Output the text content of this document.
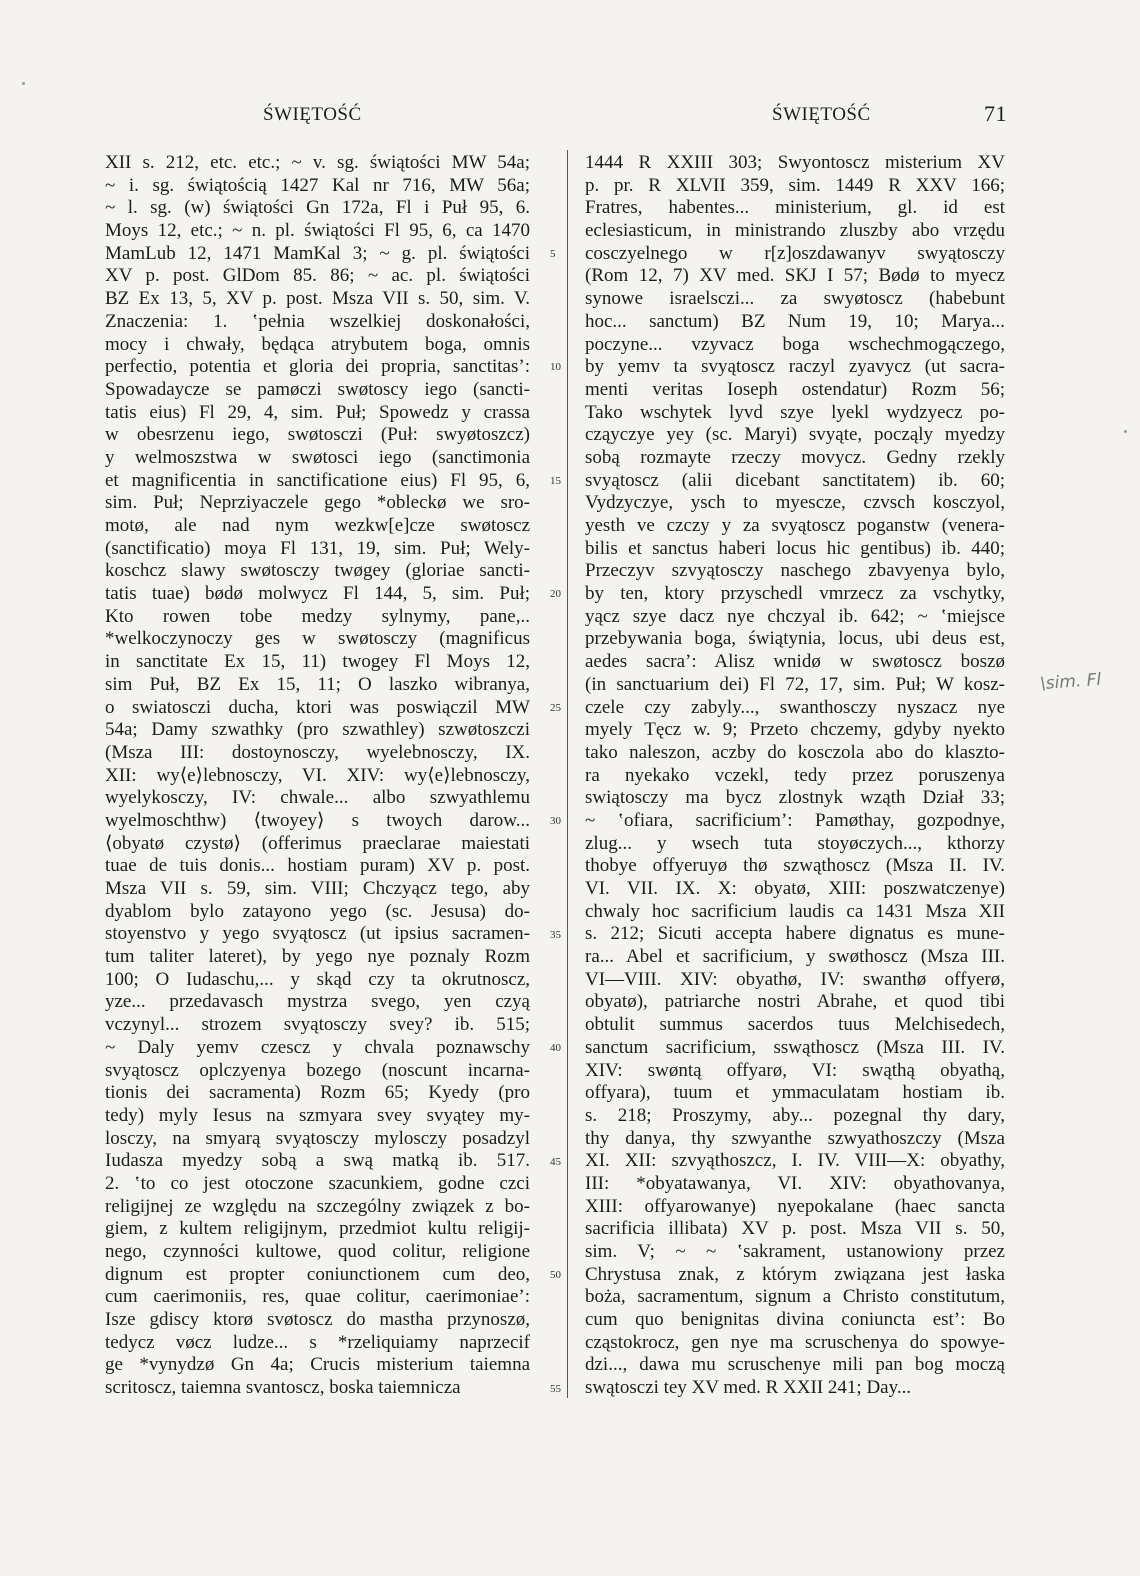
ŚWIĘTOŚĆ	ŚWIĘTOŚĆ	71
XII s. 212, etc. etc.; ~ v. sg. świątości MW 54a;
~ i. sg. świątością 1427 Kal nr 716, MW 56a;
~ l. sg. (w) świątości Gn 172a, Fl i Puł 95, 6.
Moys 12, etc.; ~ n. pl. świątości Fl 95, 6, ca 1470
MamLub 12, 1471 MamKal 3; ~ g. pl. świątości
XV p. post. GlDom 85. 86; ~ ac. pl. świątości
BZ Ex 13, 5, XV p. post. Msza VII s. 50, sim. V.
Znaczenia: 1. ʽpełnia wszelkiej doskonałości,
mocy i chwały, będąca atrybutem boga, omnis
perfectio, potentia et gloria dei propria, sanctitas’:
Spowadaycze se pamøczi swøtoscy iego (sancti-
tatis eius) Fl 29, 4, sim. Puł; Spowedz y crassa
w obesrzenu iego, swøtosczi (Puł: swyøtoszcz)
y welmoszstwa w swøtosci iego (sanctimonia
et magnificentia in sanctificatione eius) Fl 95, 6,
sim. Puł; Neprziyaczele gego *obleckø we sro-
motø, ale nad nym wezkw[e]cze swøtoscz
(sanctificatio) moya Fl 131, 19, sim. Puł; Wely-
koschcz slawy swøtosczy twøgey (gloriae sancti-
tatis tuae) bødø molwycz Fl 144, 5, sim. Puł;
Kto rowen tobe medzy sylnymy, pane,..
*welkoczynoczy ges w swøtosczy (magnificus
in sanctitate Ex 15, 11) twogey Fl Moys 12,
sim Puł, BZ Ex 15, 11; O laszko wibranya,
o swiatosczi ducha, ktori was poswiączil MW
54a; Damy szwathky (pro szwathley) szwøtoszczi
(Msza III: dostoynosczy, wyelebnosczy, IX.
XII: wy⟨e⟩lebnosczy, VI. XIV: wy⟨e⟩lebnosczy,
wyelykosczy, IV: chwale... albo szwyathlemu
wyelmoschthw) ⟨twoyey⟩ s twoych darow...
⟨obyatø czystø⟩ (offerimus praeclarae maiestati
tuae de tuis donis... hostiam puram) XV p. post.
Msza VII s. 59, sim. VIII; Chczyącz tego, aby
dyablom bylo zatayono yego (sc. Jesusa) do-
stoyenstvo y yego svyątoscz (ut ipsius sacramen-
tum taliter lateret), by yego nye poznaly Rozm
100; O Iudaschu,... y skąd czy ta okrutnoscz,
yze... przedavasch mystrza svego, yen czyą
vczynyl... strozem svyątosczy svey? ib. 515;
~ Daly yemv czescz y chvala poznawschy
svyątoscz oplczyenya bozego (noscunt incarna-
tionis dei sacramenta) Rozm 65; Kyedy (pro
tedy) myly Iesus na szmyara svey svyątey my-
losczy, na smyarą svyątosczy mylosczy posadzyl
Iudasza myedzy sobą a swą matką ib. 517.
2. ʽto co jest otoczone szacunkiem, godne czci
religijnej ze względu na szczególny związek z bo-
giem, z kultem religijnym, przedmiot kultu religij-
nego, czynności kultowe, quod colitur, religione
dignum est propter coniunctionem cum deo,
cum caerimoniis, res, quae colitur, caerimoniae’:
Isze gdiscy ktorø svøtoscz do mastha przynoszø,
tedycz vøcz ludze... s *rzeliquiamy naprzecif
ge *vynydzø Gn 4a; Crucis misterium taiemna
scritoscz, taiemna svantoscz, boska taiemnicza
5
10
15
20
25
30
35
40
45
50
55
1444 R XXIII 303; Swyontoscz misterium XV
p. pr. R XLVII 359, sim. 1449 R XXV 166;
Fratres, habentes... ministerium, gl. id est
eclesiasticum, in ministrando zluszby abo vrzędu
cosczyelnego w r[z]oszdawanyv swyątosczy
(Rom 12, 7) XV med. SKJ I 57; Bødø to myecz
synowe israelsczi... za swyøtoscz (habebunt
hoc... sanctum) BZ Num 19, 10; Marya...
poczyne... vzyvacz boga wschechmogączego,
by yemv ta svyątoscz raczyl zyavycz (ut sacra-
menti veritas Ioseph ostendatur) Rozm 56;
Tako wschytek lyvd szye lyekl wydzyecz po-
cząyczye yey (sc. Maryi) svyąte, począly myedzy
sobą rozmayte rzeczy movycz. Gedny rzekly
svyątoscz (alii dicebant sanctitatem) ib. 60;
Vydzyczye, ysch to myescze, czvsch kosczyol,
yesth ve czczy y za svyątoscz poganstw (venera-
bilis et sanctus haberi locus hic gentibus) ib. 440;
Przeczyv szvyątosczy naschego zbavyenya bylo,
by ten, ktory przyschedl vmrzecz za vschytky,
yącz szye dacz nye chczyal ib. 642; ~ ʽmiejsce
przebywania boga, świątynia, locus, ubi deus est,
aedes sacra’: Alisz wnidø w swøtoscz boszø
(in sanctuarium dei) Fl 72, 17, sim. Puł; W kosz-
czele czy zabyly..., swanthosczy nyszacz nye
myely Tęcz w. 9; Przeto chczemy, gdyby nyekto
tako naleszon, aczby do kosczola abo do klaszto-
ra nyekako vczekl, tedy przez poruszenya
swiątosczy ma bycz zlostnyk wząth Dział 33;
~ ʽofiara, sacrificium’: Pamøthay, gozpodnye,
zlug... y wsech tuta stoyøczych..., kthorzy
thobye offyeruyø thø szwąthoscz (Msza II. IV.
VI. VII. IX. X: obyatø, XIII: poszwatczenye)
chwaly hoc sacrificium laudis ca 1431 Msza XII
s. 212; Sicuti accepta habere dignatus es mune-
ra... Abel et sacrificium, y swøthoscz (Msza III.
VI—VIII. XIV: obyathø, IV: swanthø offyerø,
obyatø), patriarche nostri Abrahe, et quod tibi
obtulit summus sacerdos tuus Melchisedech,
sanctum sacrificium, sswąthoscz (Msza III. IV.
XIV: swøntą offyarø, VI: swąthą obyathą,
offyara), tuum et ymmaculatam hostiam ib.
s. 218; Proszymy, aby... pozegnal thy dary,
thy danya, thy szwyanthe szwyathoszczy (Msza
XI. XII: szvyąthoszcz, I. IV. VIII—X: obyathy,
III: *obyatawanya, VI. XIV: obyathovanya,
XIII: offyarowanye) nyepokalane (haec sancta
sacrificia illibata) XV p. post. Msza VII s. 50,
sim. V; ~ ~ ʽsakrament, ustanowiony przez
Chrystusa znak, z którym związana jest łaska
boża, sacramentum, signum a Christo constitutum,
cum quo benignitas divina coniuncta est’: Bo
cząstokrocz, gen nye ma scruschenya do spowye-
dzi..., dawa mu scruschenye mili pan bog moczą
swątosczi tey XV med. R XXII 241; Day...
\sim. Fl
